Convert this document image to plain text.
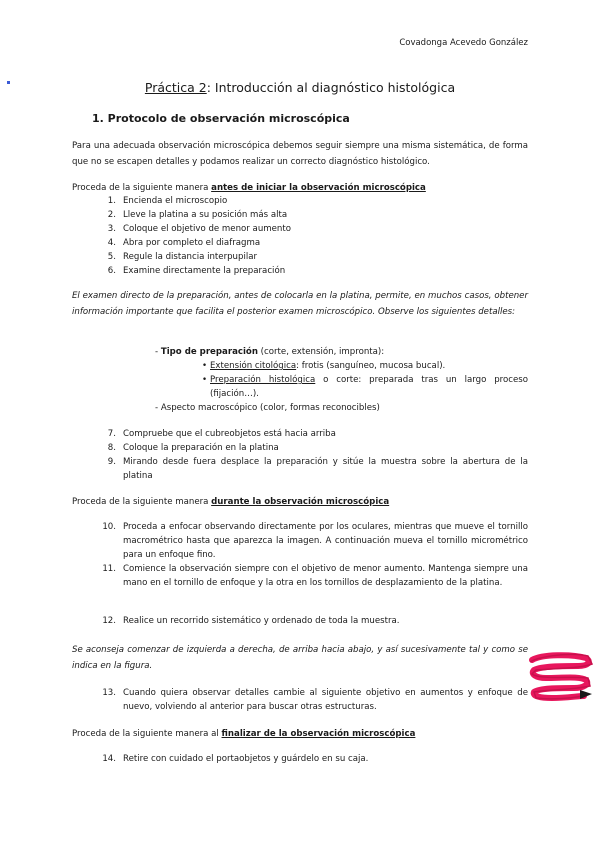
Covadonga Acevedo González
Práctica 2: Introducción al diagnóstico histológica
1. Protocolo de observación microscópica
Para una adecuada observación microscópica debemos seguir siempre una misma sistemática, de forma que no se escapen detalles y podamos realizar un correcto diagnóstico histológico.
Proceda de la siguiente manera antes de iniciar la observación microscópica
1. Encienda el microscopio
2. Lleve la platina a su posición más alta
3. Coloque el objetivo de menor aumento
4. Abra por completo el diafragma
5. Regule la distancia interpupilar
6. Examine directamente la preparación
El examen directo de la preparación, antes de colocarla en la platina, permite, en muchos casos, obtener información importante que facilita el posterior examen microscópico. Observe los siguientes detalles:
- Tipo de preparación (corte, extensión, impronta):
• Extensión citológica: frotis (sanguíneo, mucosa bucal).
• Preparación histológica o corte: preparada tras un largo proceso (fijación…).
- Aspecto macroscópico (color, formas reconocibles)
7. Compruebe que el cubreobjetos está hacia arriba
8. Coloque la preparación en la platina
9. Mirando desde fuera desplace la preparación y sitúe la muestra sobre la abertura de la platina
Proceda de la siguiente manera durante la observación microscópica
10. Proceda a enfocar observando directamente por los oculares, mientras que mueve el tornillo macrométrico hasta que aparezca la imagen. A continuación mueva el tornillo micrométrico para un enfoque fino.
11. Comience la observación siempre con el objetivo de menor aumento. Mantenga siempre una mano en el tornillo de enfoque y la otra en los tornillos de desplazamiento de la platina.
12. Realice un recorrido sistemático y ordenado de toda la muestra.
Se aconseja comenzar de izquierda a derecha, de arriba hacia abajo, y así sucesivamente tal y como se indica en la figura.
13. Cuando quiera observar detalles cambie al siguiente objetivo en aumentos y enfoque de nuevo, volviendo al anterior para buscar otras estructuras.
Proceda de la siguiente manera al finalizar de la observación microscópica
14. Retire con cuidado el portaobjetos y guárdelo en su caja.
